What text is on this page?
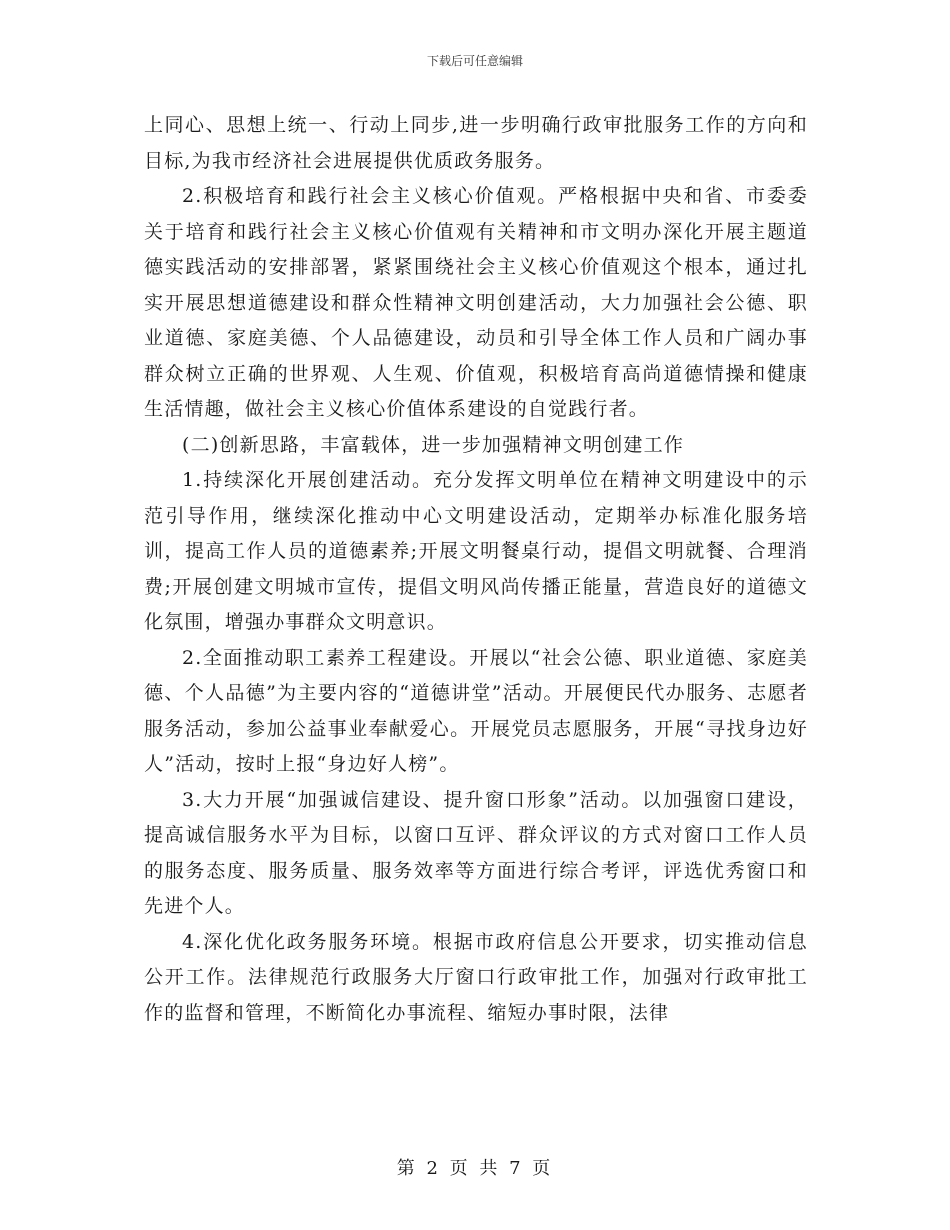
下载后可任意编辑

上同心、思想上统一、行动上同步,进一步明确行政审批服务工作的方向和目标,为我市经济社会进展提供优质政务服务。

2.积极培育和践行社会主义核心价值观。严格根据中央和省、市委委关于培育和践行社会主义核心价值观有关精神和市文明办深化开展主题道德实践活动的安排部署，紧紧围绕社会主义核心价值观这个根本，通过扎实开展思想道德建设和群众性精神文明创建活动，大力加强社会公德、职业道德、家庭美德、个人品德建设，动员和引导全体工作人员和广阔办事群众树立正确的世界观、人生观、价值观，积极培育高尚道德情操和健康生活情趣，做社会主义核心价值体系建设的自觉践行者。

(二)创新思路，丰富载体，进一步加强精神文明创建工作

1.持续深化开展创建活动。充分发挥文明单位在精神文明建设中的示范引导作用，继续深化推动中心文明建设活动，定期举办标准化服务培训，提高工作人员的道德素养;开展文明餐桌行动，提倡文明就餐、合理消费;开展创建文明城市宣传，提倡文明风尚传播正能量，营造良好的道德文化氛围，增强办事群众文明意识。

2.全面推动职工素养工程建设。开展以“社会公德、职业道德、家庭美德、个人品德”为主要内容的“道德讲堂”活动。开展便民代办服务、志愿者服务活动，参加公益事业奉献爱心。开展党员志愿服务，开展“寻找身边好人”活动，按时上报“身边好人榜”。

3.大力开展“加强诚信建设、提升窗口形象”活动。以加强窗口建设，提高诚信服务水平为目标，以窗口互评、群众评议的方式对窗口工作人员的服务态度、服务质量、服务效率等方面进行综合考评，评选优秀窗口和先进个人。

4.深化优化政务服务环境。根据市政府信息公开要求，切实推动信息公开工作。法律规范行政服务大厅窗口行政审批工作，加强对行政审批工作的监督和管理，不断简化办事流程、缩短办事时限，法律

第 2 页 共 7 页
